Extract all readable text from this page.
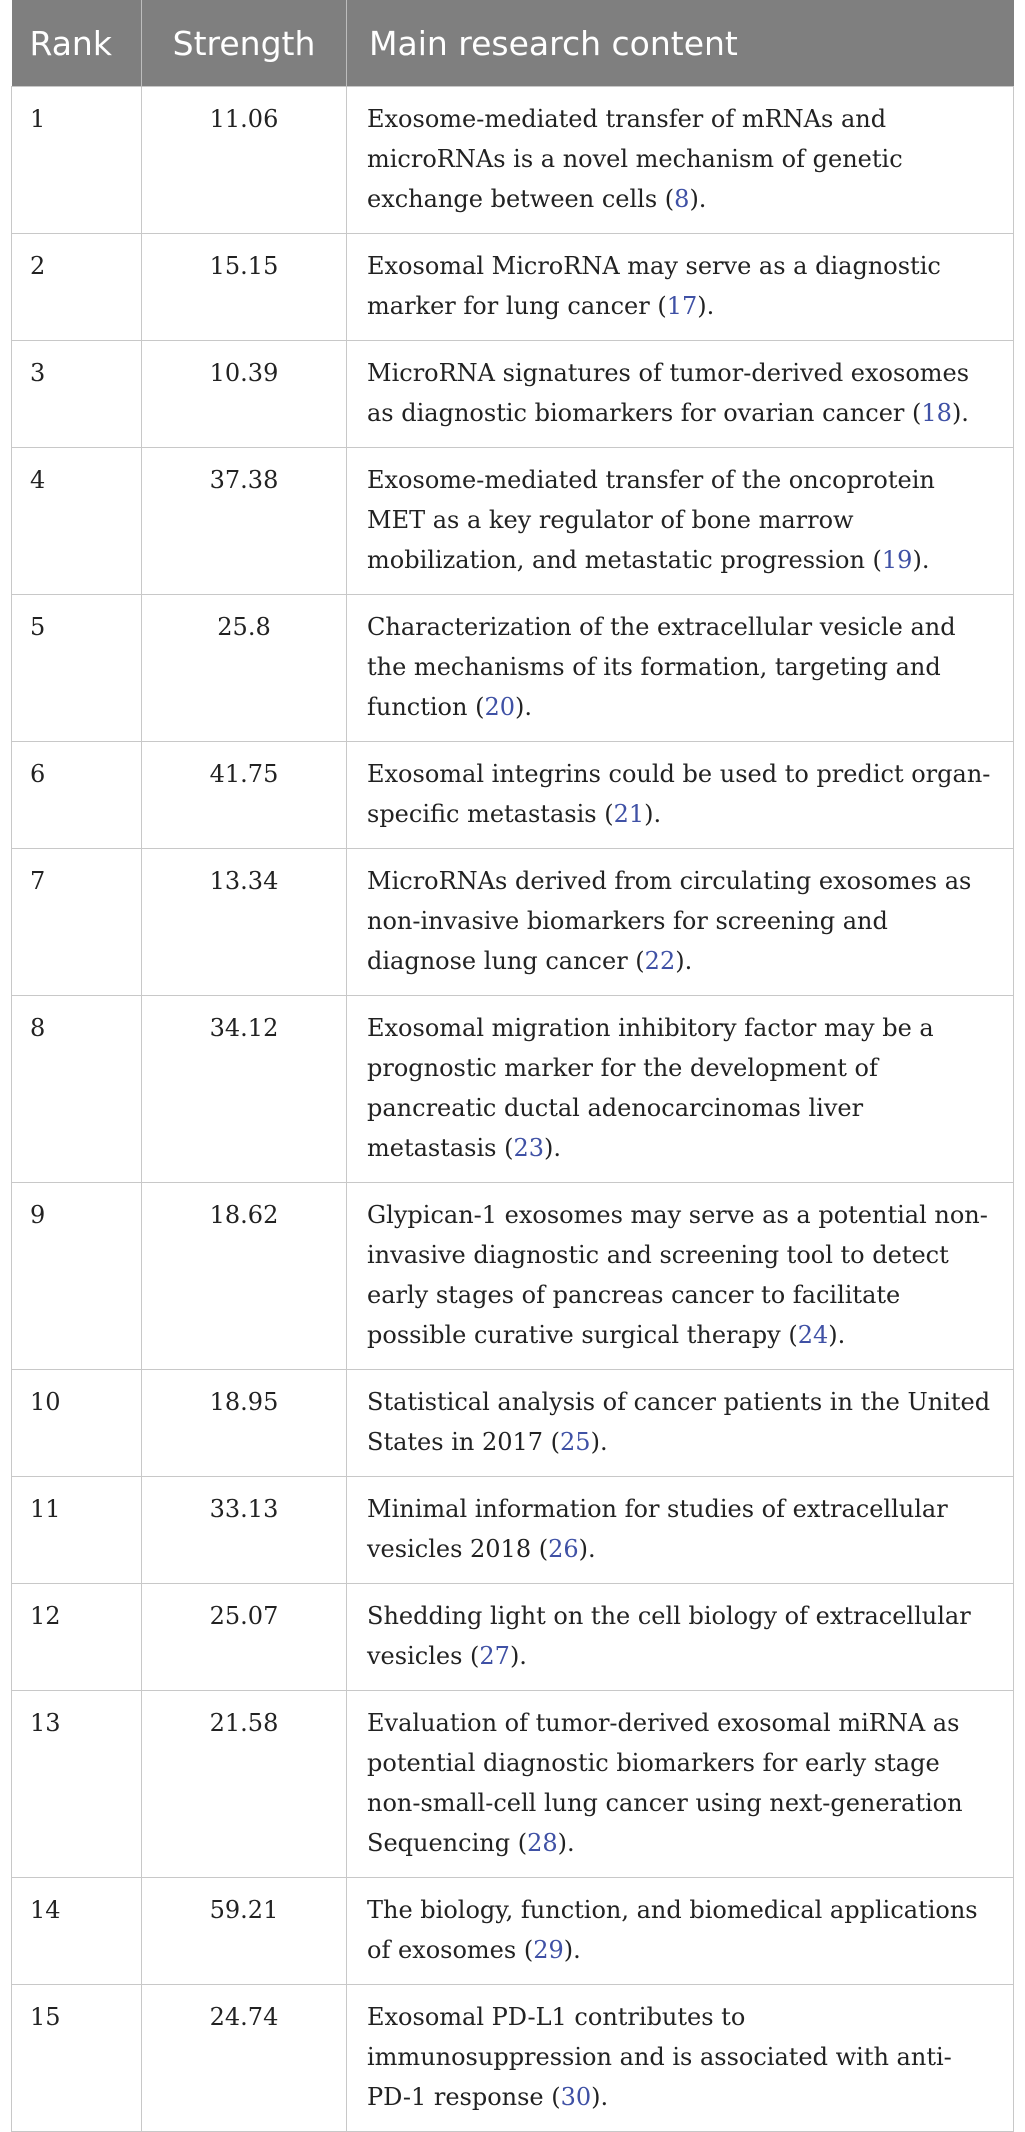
Rank	Strength	Main research content
1	11.06	Exosome-mediated transfer of mRNAs and microRNAs is a novel mechanism of genetic exchange between cells (8).
2	15.15	Exosomal MicroRNA may serve as a diagnostic marker for lung cancer (17).
3	10.39	MicroRNA signatures of tumor-derived exosomes as diagnostic biomarkers for ovarian cancer (18).
4	37.38	Exosome-mediated transfer of the oncoprotein MET as a key regulator of bone marrow mobilization, and metastatic progression (19).
5	25.8	Characterization of the extracellular vesicle and the mechanisms of its formation, targeting and function (20).
6	41.75	Exosomal integrins could be used to predict organ-specific metastasis (21).
7	13.34	MicroRNAs derived from circulating exosomes as non-invasive biomarkers for screening and diagnose lung cancer (22).
8	34.12	Exosomal migration inhibitory factor may be a prognostic marker for the development of pancreatic ductal adenocarcinomas liver metastasis (23).
9	18.62	Glypican-1 exosomes may serve as a potential non-invasive diagnostic and screening tool to detect early stages of pancreas cancer to facilitate possible curative surgical therapy (24).
10	18.95	Statistical analysis of cancer patients in the United States in 2017 (25).
11	33.13	Minimal information for studies of extracellular vesicles 2018 (26).
12	25.07	Shedding light on the cell biology of extracellular vesicles (27).
13	21.58	Evaluation of tumor-derived exosomal miRNA as potential diagnostic biomarkers for early stage non-small-cell lung cancer using next-generation Sequencing (28).
14	59.21	The biology, function, and biomedical applications of exosomes (29).
15	24.74	Exosomal PD-L1 contributes to immunosuppression and is associated with anti-PD-1 response (30).
